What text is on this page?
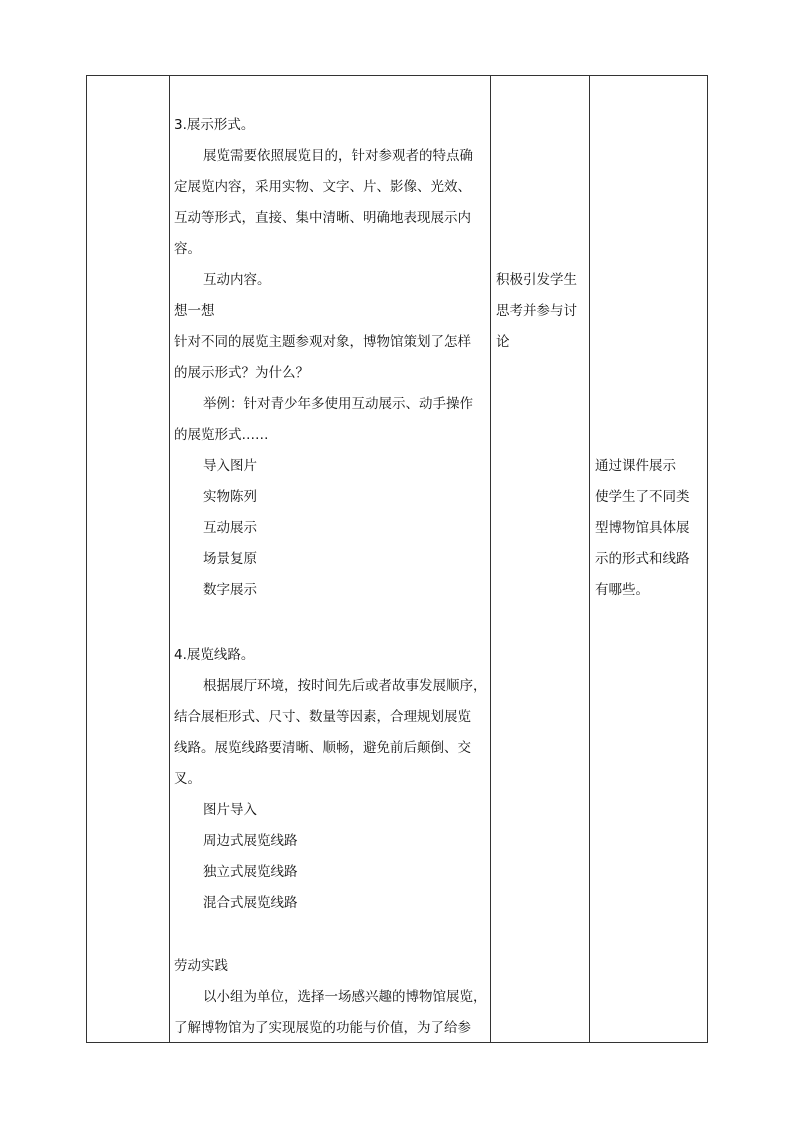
3.展示形式。
展览需要依照展览目的，针对参观者的特点确
定展览内容，采用实物、文字、片、影像、光效、
互动等形式，直接、集中清晰、明确地表现展示内
容。
互动内容。
想一想
针对不同的展览主题参观对象，博物馆策划了怎样
的展示形式？为什么？
举例：针对青少年多使用互动展示、动手操作
的展览形式……
导入图片
实物陈列
互动展示
场景复原
数字展示
4.展览线路。
根据展厅环境，按时间先后或者故事发展顺序，
结合展柜形式、尺寸、数量等因素，合理规划展览
线路。展览线路要清晰、顺畅，避免前后颠倒、交
叉。
图片导入
周边式展览线路
独立式展览线路
混合式展览线路
劳动实践
以小组为单位，选择一场感兴趣的博物馆展览，
了解博物馆为了实现展览的功能与价值，为了给参
积极引发学生
思考并参与讨
论
通过课件展示
使学生了不同类
型博物馆具体展
示的形式和线路
有哪些。
